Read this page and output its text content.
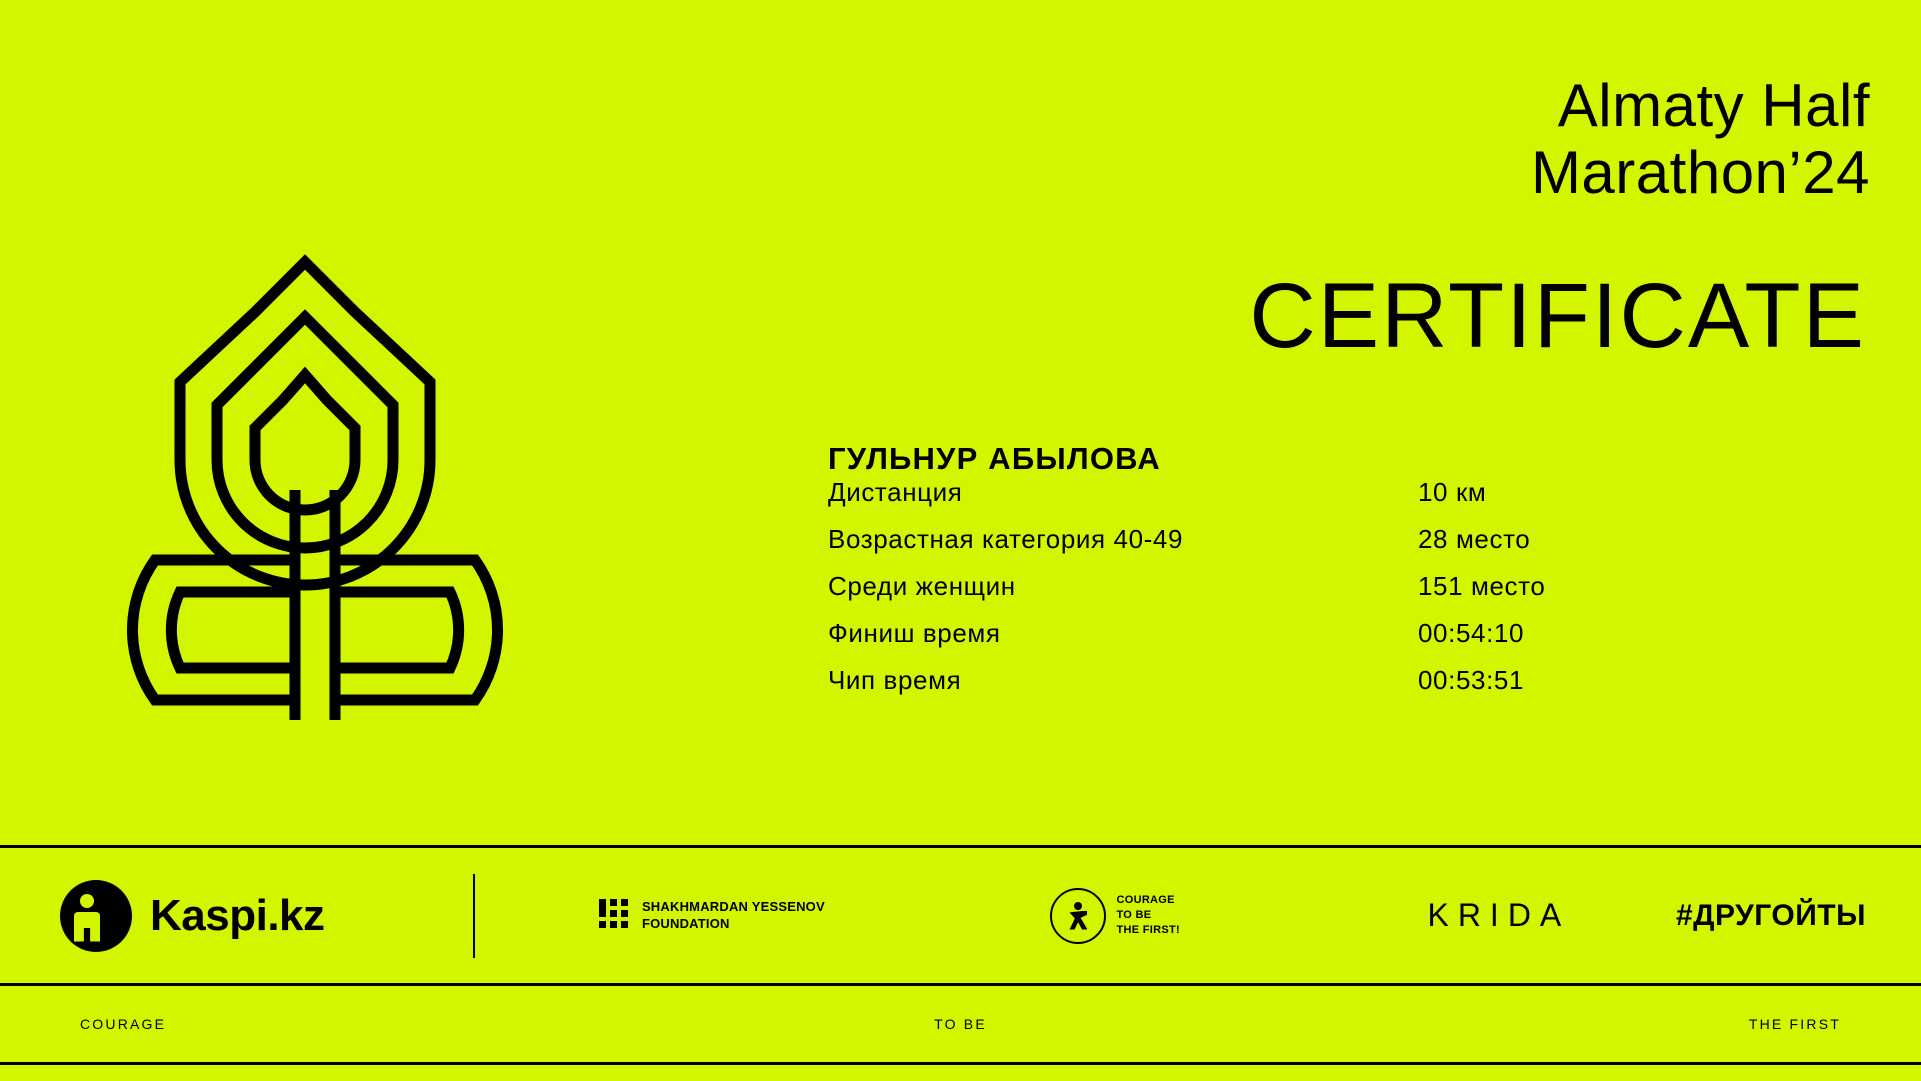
Almaty Half
Marathon’24
CERTIFICATE

ГУЛЬНУР АБЫЛОВА

Дистанция	10 км
Возрастная категория 40-49	28 место
Среди женщин	151 место
Финиш время	00:54:10
Чип время	00:53:51
Kaspi.kz	SHAKHMARDAN YESSENOV
FOUNDATION
COURAGE
TO BE
THE FIRST!	KRIDA	#ДРУГОЙТЫ
COURAGE	TO BE	THE FIRST
